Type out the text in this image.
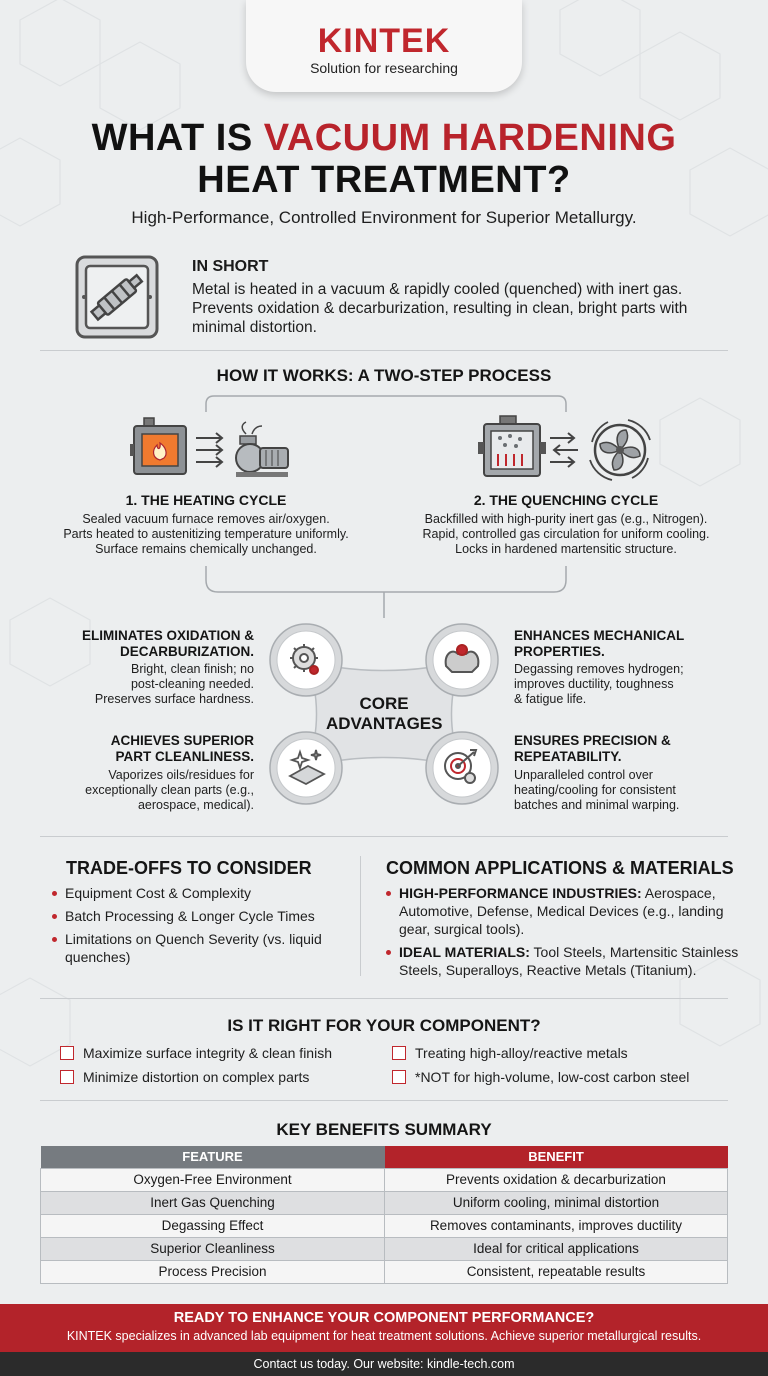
KINTEK
Solution for researching
WHAT IS VACUUM HARDENING
HEAT TREATMENT?
High-Performance, Controlled Environment for Superior Metallurgy.
IN SHORT
Metal is heated in a vacuum & rapidly cooled (quenched) with inert gas. Prevents oxidation & decarburization, resulting in clean, bright parts with minimal distortion.
HOW IT WORKS: A TWO-STEP PROCESS
1. THE HEATING CYCLE
Sealed vacuum furnace removes air/oxygen.
Parts heated to austenitizing temperature uniformly.
Surface remains chemically unchanged.
2. THE QUENCHING CYCLE
Backfilled with high-purity inert gas (e.g., Nitrogen).
Rapid, controlled gas circulation for uniform cooling.
Locks in hardened martensitic structure.
CORE
ADVANTAGES
ELIMINATES OXIDATION &
DECARBURIZATION.
Bright, clean finish; no
post-cleaning needed.
Preserves surface hardness.
ENHANCES MECHANICAL
PROPERTIES.
Degassing removes hydrogen;
improves ductility, toughness
& fatigue life.
ACHIEVES SUPERIOR
PART CLEANLINESS.
Vaporizes oils/residues for
exceptionally clean parts (e.g.,
aerospace, medical).
ENSURES PRECISION &
REPEATABILITY.
Unparalleled control over
heating/cooling for consistent
batches and minimal warping.
TRADE-OFFS TO CONSIDER
Equipment Cost & Complexity
Batch Processing & Longer Cycle Times
Limitations on Quench Severity (vs. liquid quenches)
COMMON APPLICATIONS & MATERIALS
HIGH-PERFORMANCE INDUSTRIES: Aerospace, Automotive, Defense, Medical Devices (e.g., landing gear, surgical tools).
IDEAL MATERIALS: Tool Steels, Martensitic Stainless Steels, Superalloys, Reactive Metals (Titanium).
IS IT RIGHT FOR YOUR COMPONENT?
Maximize surface integrity & clean finish
Minimize distortion on complex parts
Treating high-alloy/reactive metals
*NOT for high-volume, low-cost carbon steel
KEY BENEFITS SUMMARY
FEATURE	BENEFIT
Oxygen-Free Environment	Prevents oxidation & decarburization
Inert Gas Quenching	Uniform cooling, minimal distortion
Degassing Effect	Removes contaminants, improves ductility
Superior Cleanliness	Ideal for critical applications
Process Precision	Consistent, repeatable results
READY TO ENHANCE YOUR COMPONENT PERFORMANCE?
KINTEK specializes in advanced lab equipment for heat treatment solutions. Achieve superior metallurgical results.
Contact us today. Our website: kindle-tech.com
